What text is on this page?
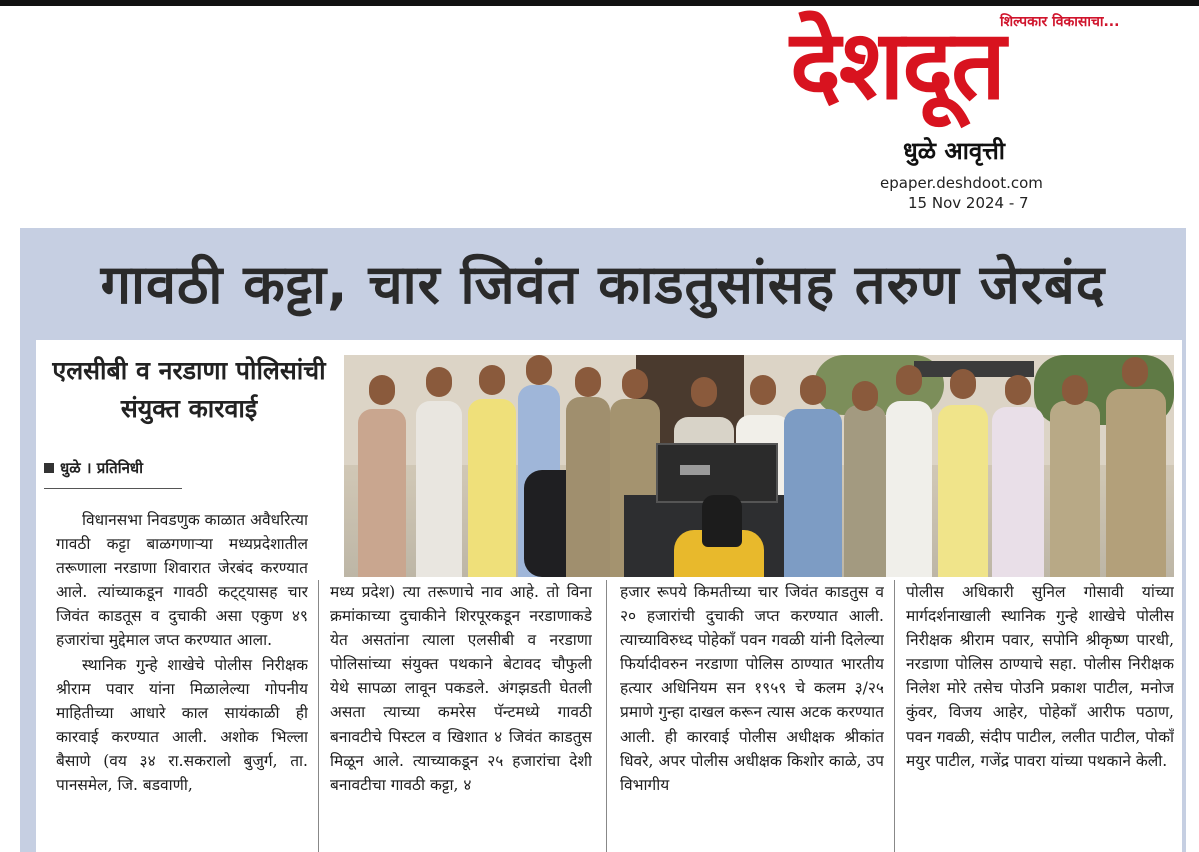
शिल्पकार विकासाचा...
देशदूत
धुळे आवृत्ती
epaper.deshdoot.com
15 Nov 2024 - 7
गावठी कट्टा, चार जिवंत काडतुसांसह तरुण जेरबंद
एलसीबी व नरडाणा पोलिसांची संयुक्त कारवाई
धुळे । प्रतिनिधी

विधानसभा निवडणुक काळात अवैधरित्या गावठी कट्टा बाळगणाऱ्या मध्यप्रदेशातील तरूणाला नरडाणा शिवारात जेरबंद करण्यात आले. त्यांच्याकडून गावठी कट्ट्यासह चार जिवंत काडतूस व दुचाकी असा एकुण ४९ हजारांचा मुद्देमाल जप्त करण्यात आला.

स्थानिक गुन्हे शाखेचे पोलीस निरीक्षक श्रीराम पवार यांना मिळालेल्या गोपनीय माहितीच्या आधारे काल सायंकाळी ही कारवाई करण्यात आली. अशोक भिल्ला बैसाणे (वय ३४ रा.सकरालो बुजुर्ग, ता. पानसमेल, जि. बडवाणी,

मध्य प्रदेश) त्या तरूणाचे नाव आहे. तो विना क्रमांकाच्या दुचाकीने शिरपूरकडून नरडाणाकडे येत असतांना त्याला एलसीबी व नरडाणा पोलिसांच्या संयुक्त पथकाने बेटावद चौफुली येथे सापळा लावून पकडले. अंगझडती घेतली असता त्याच्या कमरेस पॅन्टमध्ये गावठी बनावटीचे पिस्टल व खिशात ४ जिवंत काडतुस मिळून आले. त्याच्याकडून २५ हजारांचा देशी बनावटीचा गावठी कट्टा, ४

हजार रूपये किमतीच्या चार जिवंत काडतुस व २० हजारांची दुचाकी जप्त करण्यात आली. त्याच्याविरुध्द पोहेकाँ पवन गवळी यांनी दिलेल्या फिर्यादीवरुन नरडाणा पोलिस ठाण्यात भारतीय हत्यार अधिनियम सन १९५९ चे कलम ३/२५ प्रमाणे गुन्हा दाखल करून त्यास अटक करण्यात आली. ही कारवाई पोलीस अधीक्षक श्रीकांत धिवरे, अपर पोलीस अधीक्षक किशोर काळे, उप विभागीय

पोलीस अधिकारी सुनिल गोसावी यांच्या मार्गदर्शनाखाली स्थानिक गुन्हे शाखेचे पोलीस निरीक्षक श्रीराम पवार, सपोनि श्रीकृष्ण पारधी, नरडाणा पोलिस ठाण्याचे सहा. पोलीस निरीक्षक निलेश मोरे तसेच पोउनि प्रकाश पाटील, मनोज कुंवर, विजय आहेर, पोहेकाँ आरीफ पठाण, पवन गवळी, संदीप पाटील, ललीत पाटील, पोकाँ मयुर पाटील, गजेंद्र पावरा यांच्या पथकाने केली.
